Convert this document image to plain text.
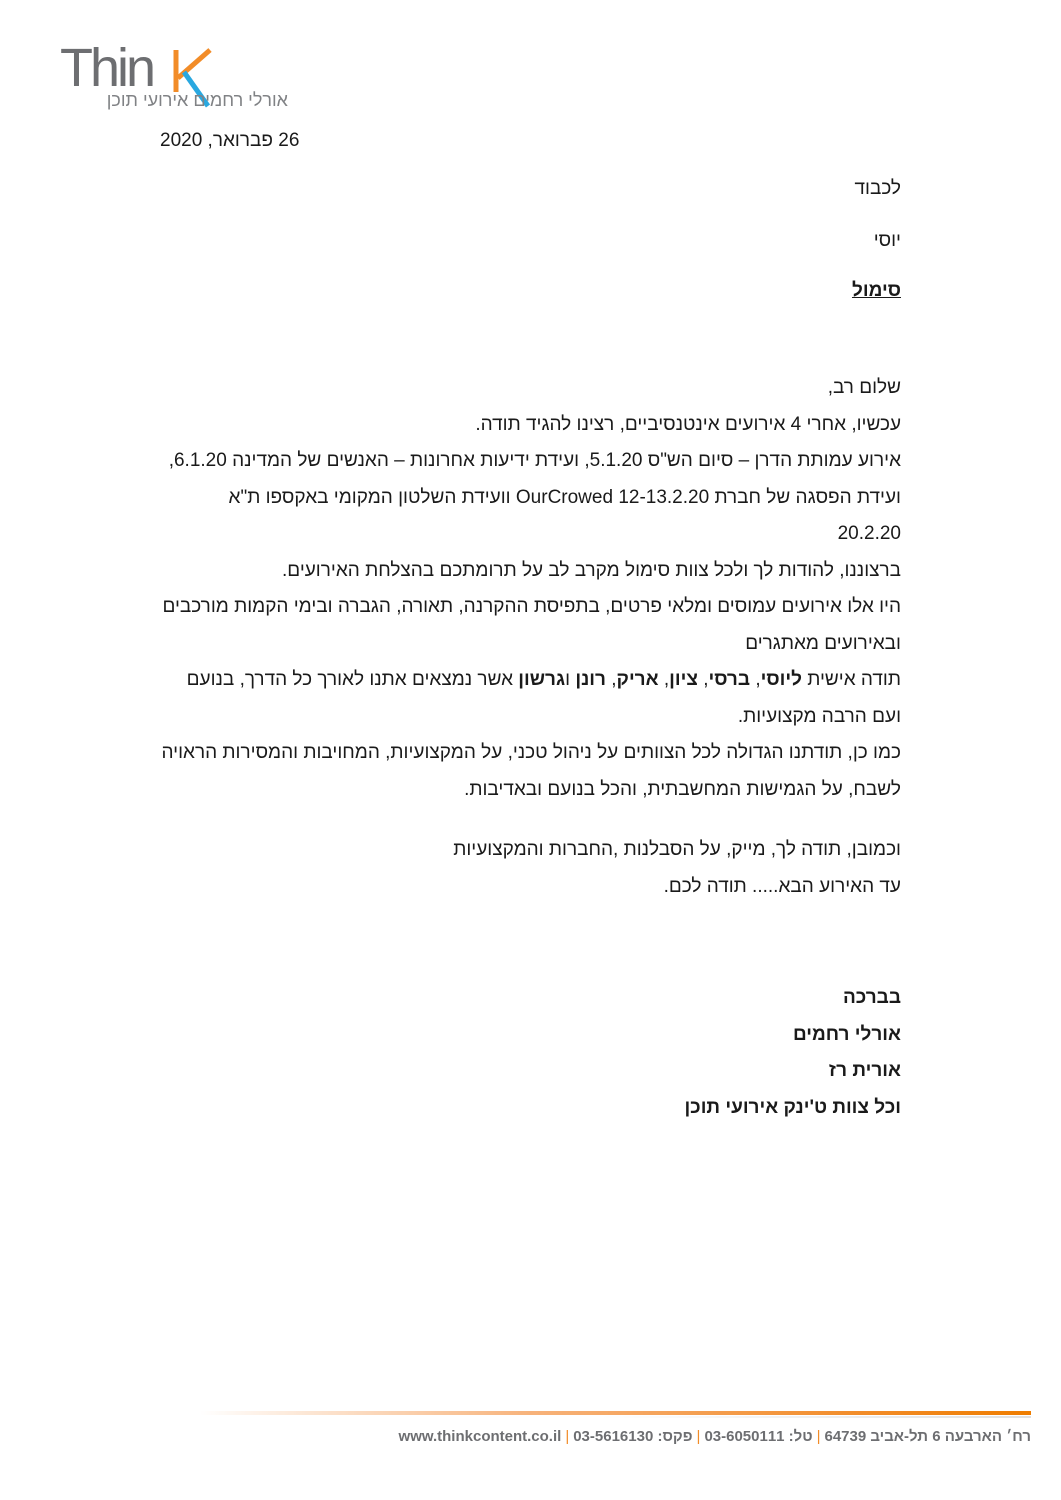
Thin
אורלי רחמים אירועי תוכן
26 פברואר, 2020
לכבוד
יוסי
סימול

שלום רב,

עכשיו, אחרי 4 אירועים אינטנסיביים, רצינו להגיד תודה.

אירוע עמותת הדרן – סיום הש"ס 5.1.20, ועידת ידיעות אחרונות – האנשים של המדינה 6.1.20, ועידת הפסגה של חברת OurCrowed 12-13.2.20 וועידת השלטון המקומי באקספו ת"א 20.2.20

ברצוננו, להודות לך ולכל צוות סימול מקרב לב על תרומתכם בהצלחת האירועים.

היו אלו אירועים עמוסים ומלאי פרטים, בתפיסת ההקרנה, תאורה, הגברה ובימי הקמות מורכבים ובאירועים מאתגרים

תודה אישית ליוסי, ברסי, ציון, אריק, רונן וגרשון אשר נמצאים אתנו לאורך כל הדרך, בנועם ועם הרבה מקצועיות.

כמו כן, תודתנו הגדולה לכל הצוותים על ניהול טכני, על המקצועיות, המחויבות והמסירות הראויה לשבח, על הגמישות המחשבתית, והכל בנועם ובאדיבות.

וכמובן, תודה לך, מייק, על הסבלנות ,החברות והמקצועיות

עד האירוע הבא..... תודה לכם.

בברכה

אורלי רחמים

אורית רז

וכל צוות ט'ינק אירועי תוכן

רח׳ הארבעה 6 תל-אביב 64739|טל: 03-6050111|פקס: 03-5616130|www.thinkcontent.co.il
